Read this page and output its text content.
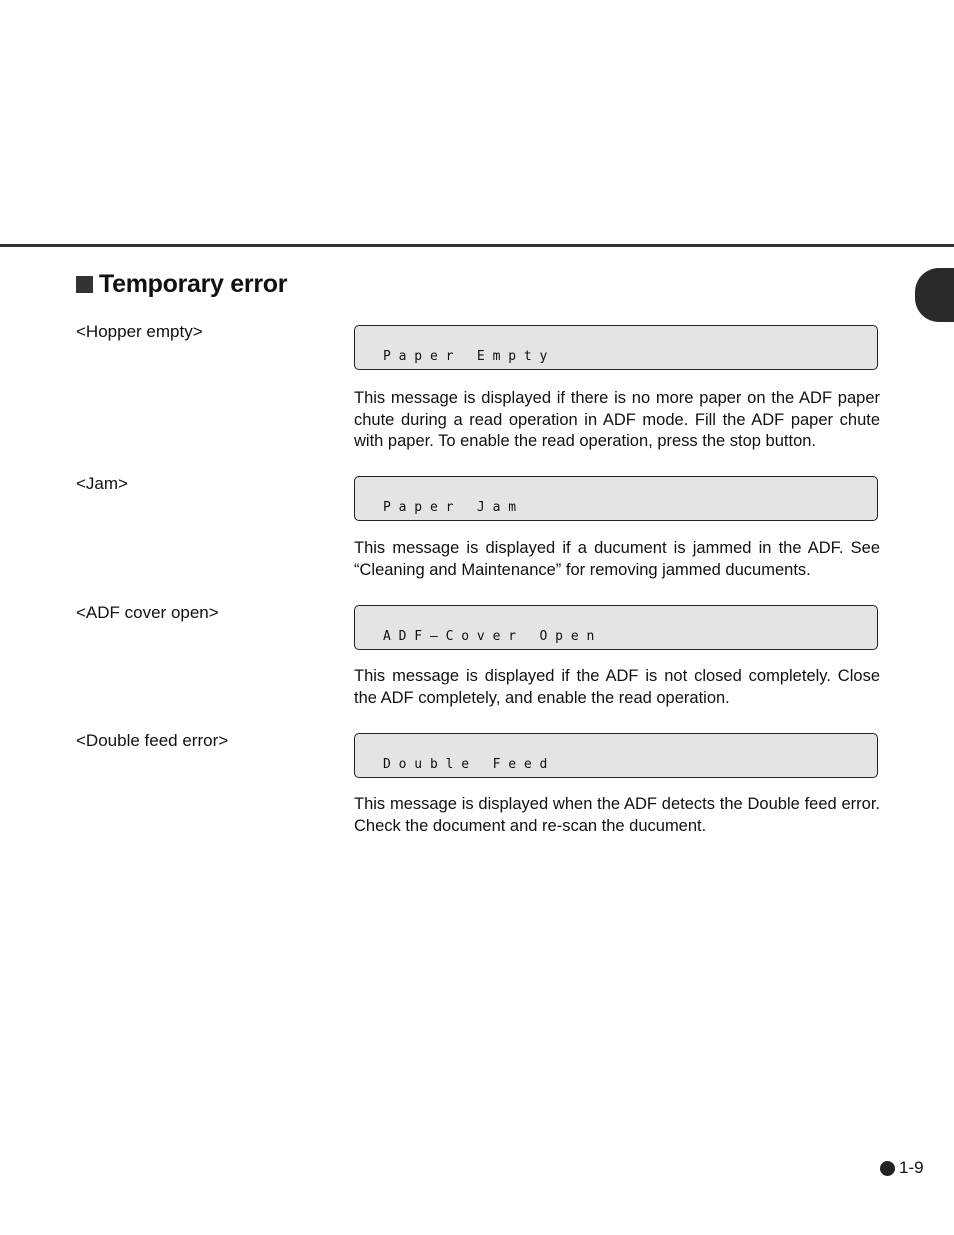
Temporary error
<Hopper empty>
P a p e r   E m p t y

This message is displayed if there is no more paper on the ADF paper chute during a read operation in ADF mode. Fill the ADF paper chute with paper. To enable the read operation, press the stop button.

<Jam>
P a p e r   J a m

This message is displayed if a ducument is jammed in the ADF. See “Cleaning and Maintenance” for removing jammed ducuments.

<ADF cover open>
A D F – C o v e r   O p e n

This message is displayed if the ADF is not closed completely. Close the ADF completely, and enable the read operation.

<Double feed error>
D o u b l e   F e e d

This message is displayed when the ADF detects the Double feed error. Check the document and re-scan the ducument.

1-9
